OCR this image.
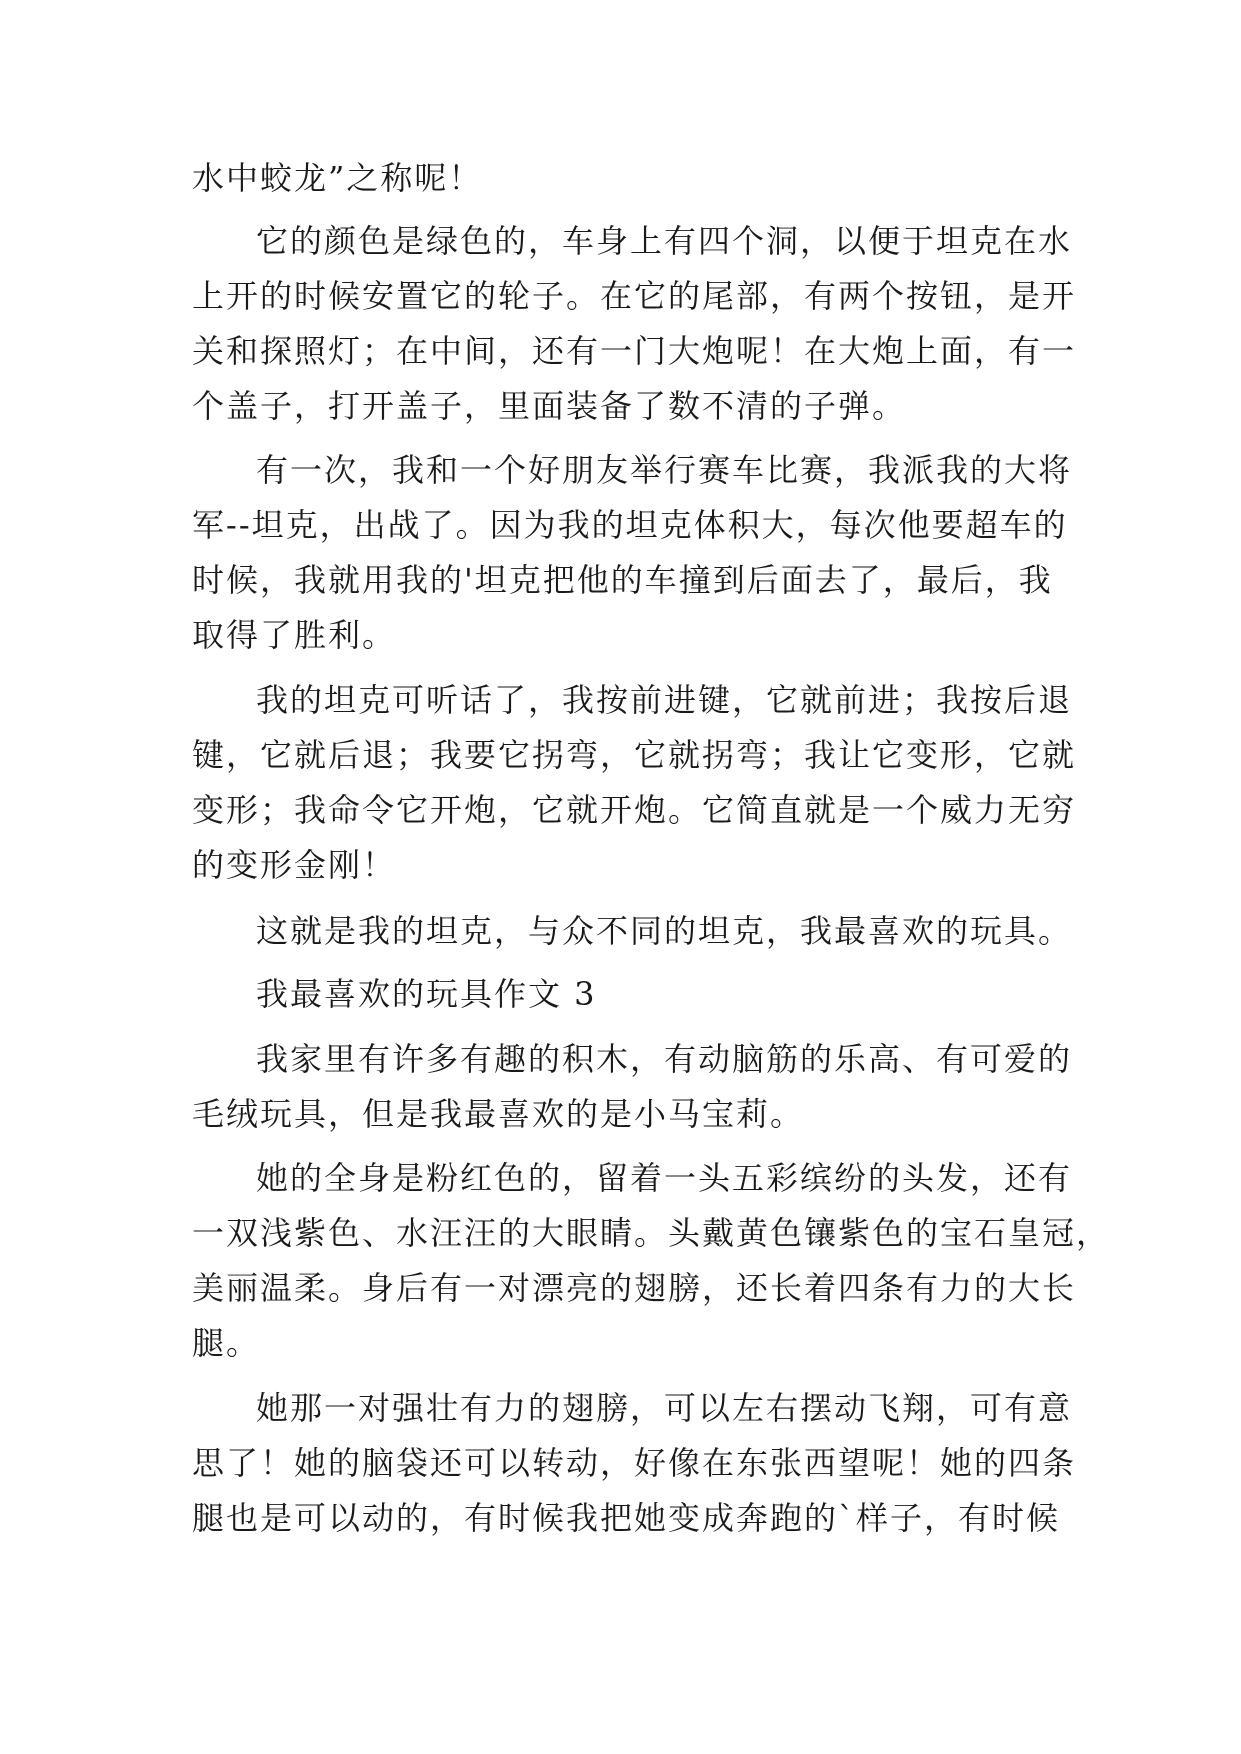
水中蛟龙”之称呢！
它的颜色是绿色的，车身上有四个洞，以便于坦克在水
上开的时候安置它的轮子。在它的尾部，有两个按钮，是开
关和探照灯；在中间，还有一门大炮呢！在大炮上面，有一
个盖子，打开盖子，里面装备了数不清的子弹。
有一次，我和一个好朋友举行赛车比赛，我派我的大将
军--坦克，出战了。因为我的坦克体积大，每次他要超车的
时候，我就用我的'坦克把他的车撞到后面去了，最后，我
取得了胜利。
我的坦克可听话了，我按前进键，它就前进；我按后退
键，它就后退；我要它拐弯，它就拐弯；我让它变形，它就
变形；我命令它开炮，它就开炮。它简直就是一个威力无穷
的变形金刚！
这就是我的坦克，与众不同的坦克，我最喜欢的玩具。
我最喜欢的玩具作文 3
我家里有许多有趣的积木，有动脑筋的乐高、有可爱的
毛绒玩具，但是我最喜欢的是小马宝莉。
她的全身是粉红色的，留着一头五彩缤纷的头发，还有
一双浅紫色、水汪汪的大眼睛。头戴黄色镶紫色的宝石皇冠，
美丽温柔。身后有一对漂亮的翅膀，还长着四条有力的大长
腿。
她那一对强壮有力的翅膀，可以左右摆动飞翔，可有意
思了！她的脑袋还可以转动，好像在东张西望呢！她的四条
腿也是可以动的，有时候我把她变成奔跑的`样子，有时候
